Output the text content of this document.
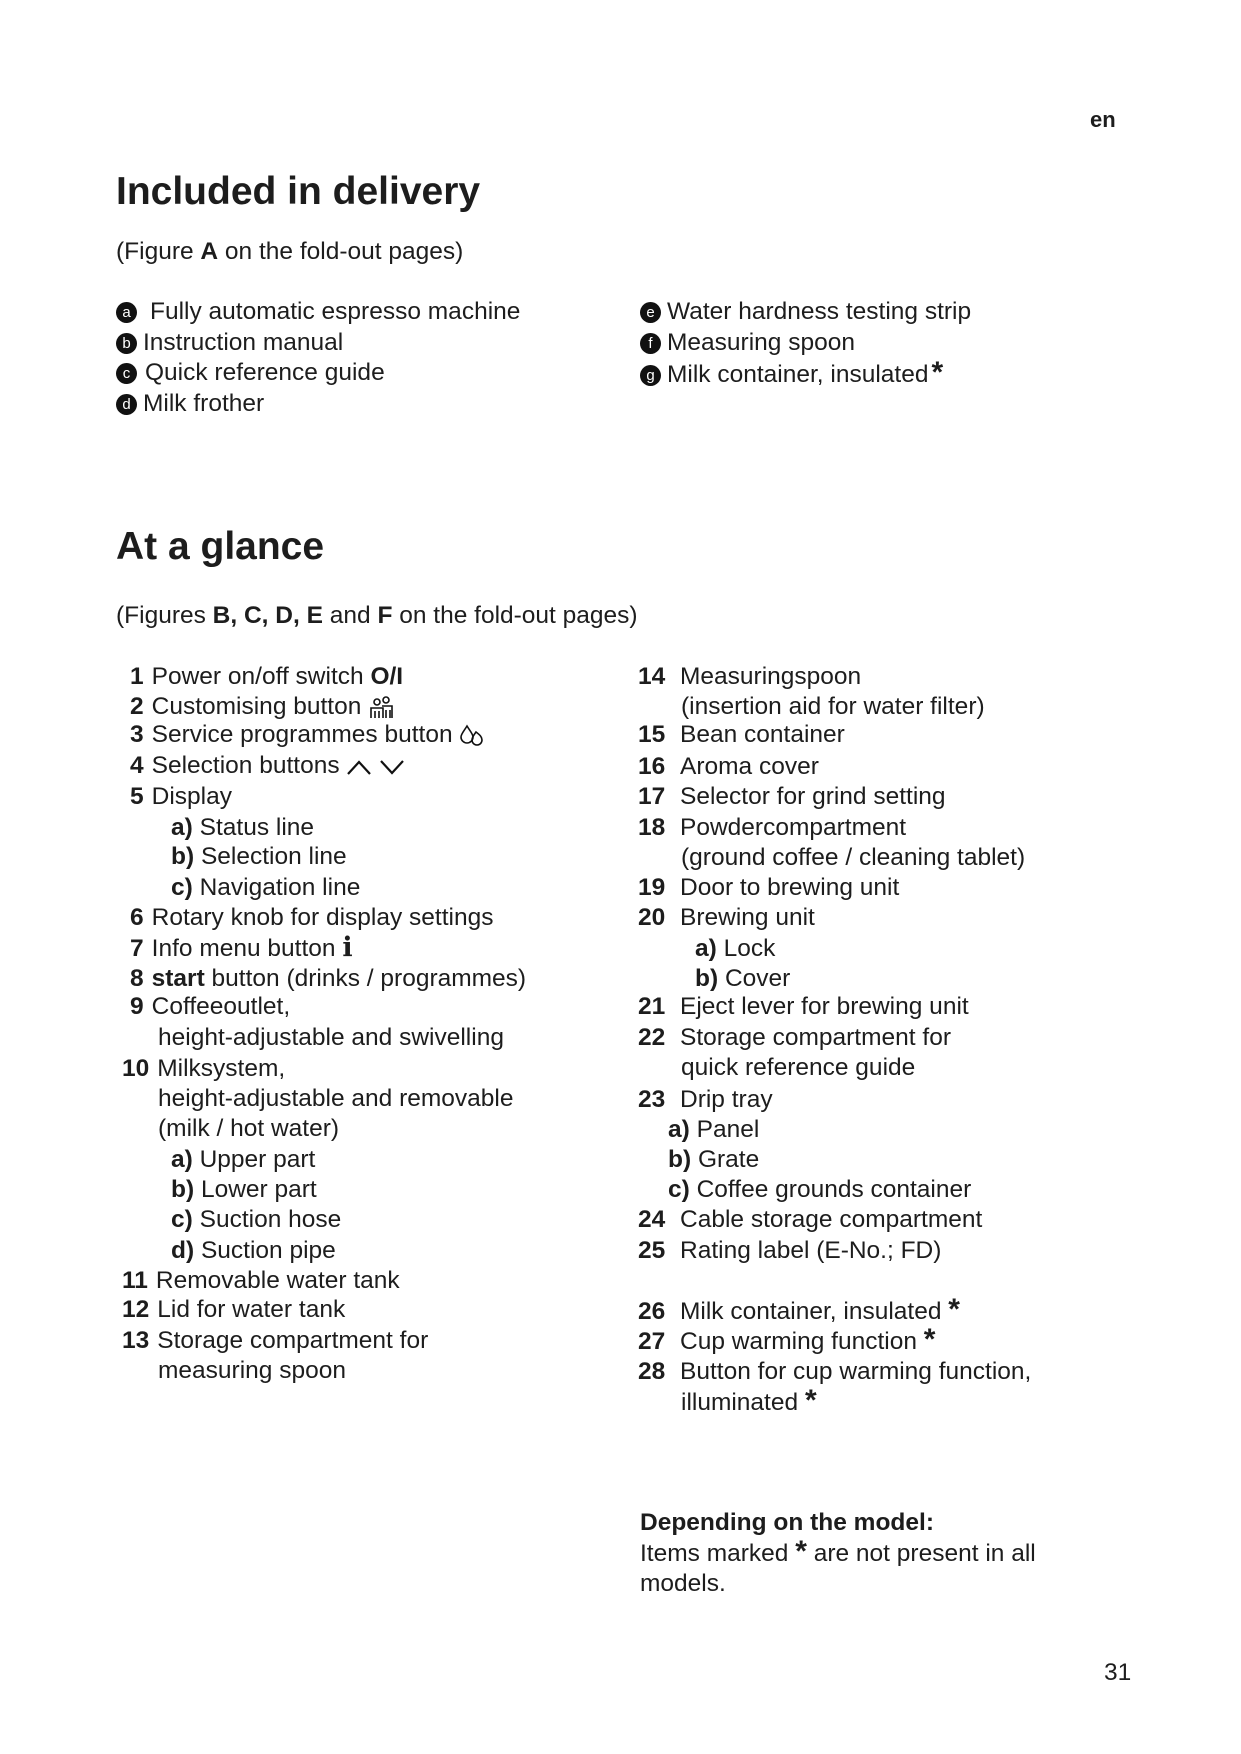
en
Included in delivery
(Figure A on the fold-out pages)
a Fully automatic espresso machine
b Instruction manual
c Quick reference guide
d Milk frother
e Water hardness testing strip
f Measuring spoon
g Milk container, insulated *
At a glance
(Figures B, C, D, E and F on the fold-out pages)
1 Power on/off switch O/I
2 Customising button
3 Service programmes button
4 Selection buttons
5 Display
a) Status line
b) Selection line
c) Navigation line
6 Rotary knob for display settings
7 Info menu button i
8 start button (drinks / programmes)
9 Coffeeoutlet,
height-adjustable and swivelling
10 Milksystem,
height-adjustable and removable
(milk / hot water)
a) Upper part
b) Lower part
c) Suction hose
d) Suction pipe
11 Removable water tank
12 Lid for water tank
13 Storage compartment for
measuring spoon
14 Measuringspoon
(insertion aid for water filter)
15 Bean container
16 Aroma cover
17 Selector for grind setting
18 Powdercompartment
(ground coffee / cleaning tablet)
19 Door to brewing unit
20 Brewing unit
a) Lock
b) Cover
21 Eject lever for brewing unit
22 Storage compartment for
quick reference guide
23 Drip tray
a) Panel
b) Grate
c) Coffee grounds container
24 Cable storage compartment
25 Rating label (E-No.; FD)
26 Milk container, insulated *
27 Cup warming function *
28 Button for cup warming function,
illuminated *
Depending on the model:
Items marked * are not present in all
models.
31
